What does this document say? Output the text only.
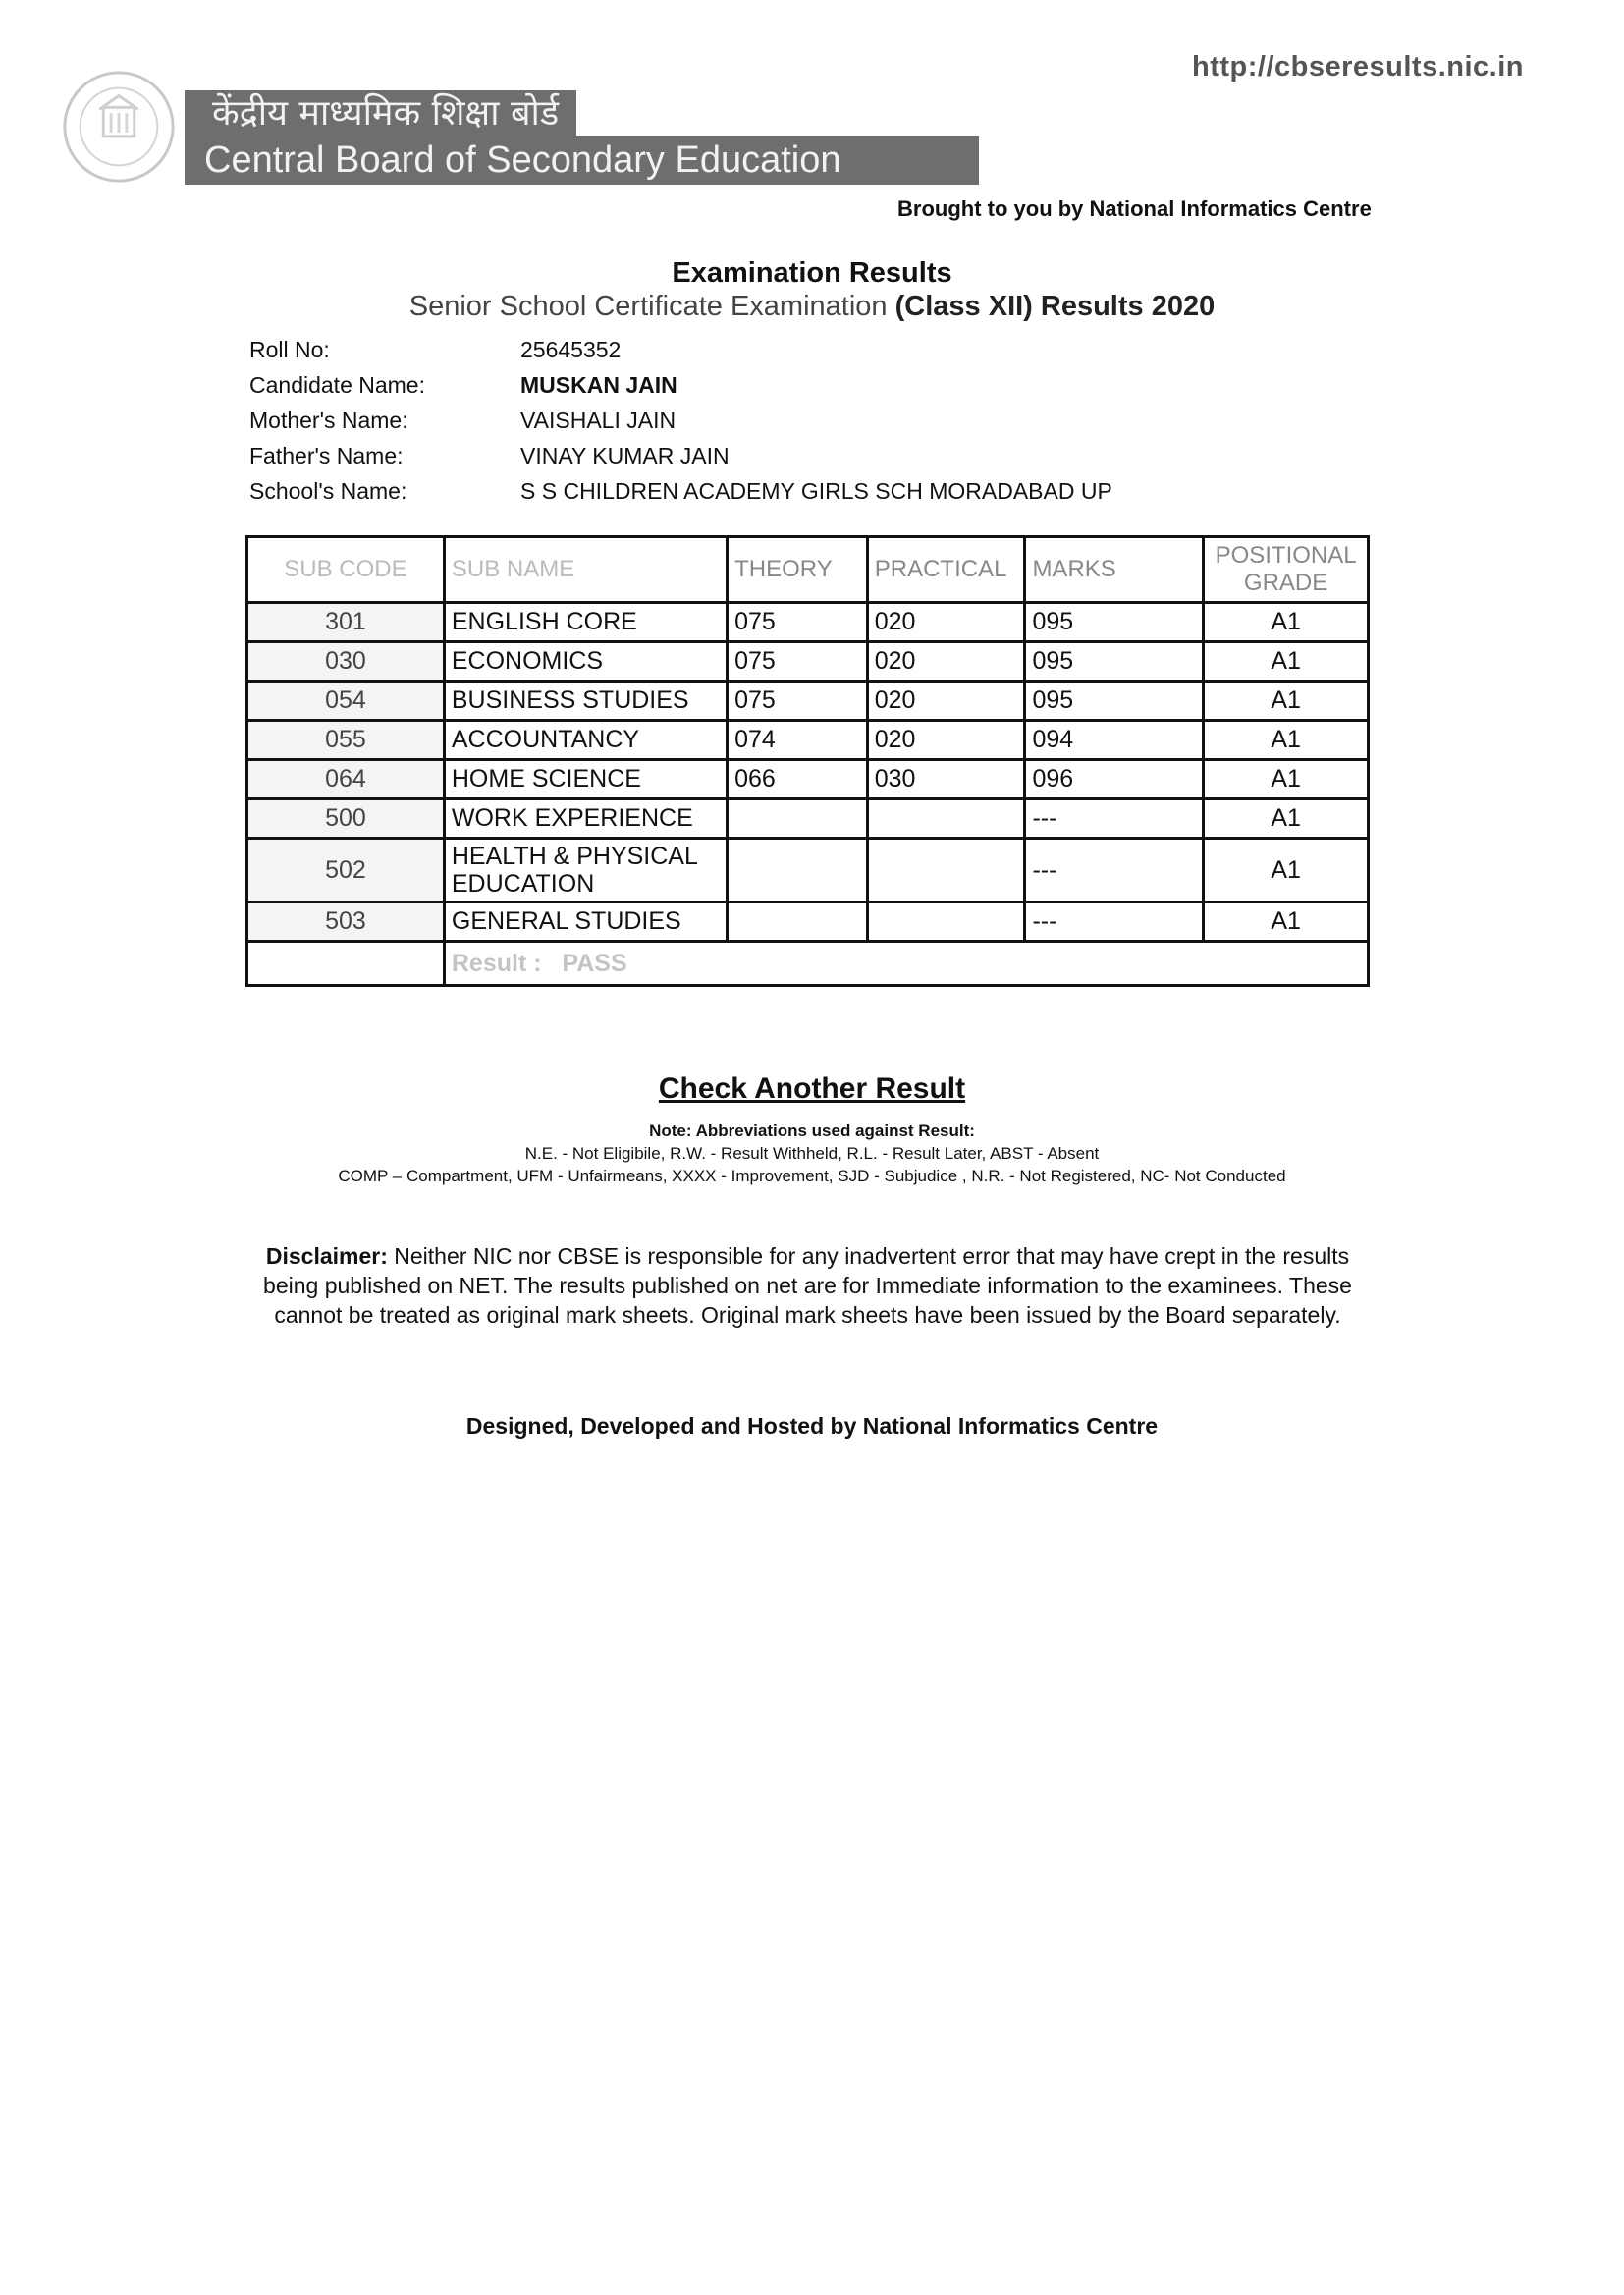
http://cbseresults.nic.in
केंद्रीय माध्यमिक शिक्षा बोर्ड
Central Board of Secondary Education
Brought to you by National Informatics Centre
Examination Results
Senior School Certificate Examination (Class XII) Results 2020
Roll No:	25645352
Candidate Name:	MUSKAN JAIN
Mother's Name:	VAISHALI JAIN
Father's Name:	VINAY KUMAR JAIN
School's Name:	S S CHILDREN ACADEMY GIRLS SCH MORADABAD UP
SUB CODE	SUB NAME	THEORY	PRACTICAL	MARKS	POSITIONAL
GRADE
301	ENGLISH CORE	075	020	095	A1
030	ECONOMICS	075	020	095	A1
054	BUSINESS STUDIES	075	020	095	A1
055	ACCOUNTANCY	074	020	094	A1
064	HOME SCIENCE	066	030	096	A1
500	WORK EXPERIENCE			---	A1
502	HEALTH & PHYSICAL EDUCATION			---	A1
503	GENERAL STUDIES			---	A1
	Result : PASS				
Check Another Result
Note: Abbreviations used against Result:
N.E. - Not Eligibile, R.W. - Result Withheld, R.L. - Result Later, ABST - Absent
COMP – Compartment, UFM - Unfairmeans, XXXX - Improvement, SJD - Subjudice , N.R. - Not Registered, NC- Not Conducted
Disclaimer: Neither NIC nor CBSE is responsible for any inadvertent error that may have crept in the results being published on NET. The results published on net are for Immediate information to the examinees. These cannot be treated as original mark sheets. Original mark sheets have been issued by the Board separately.
Designed, Developed and Hosted by National Informatics Centre
